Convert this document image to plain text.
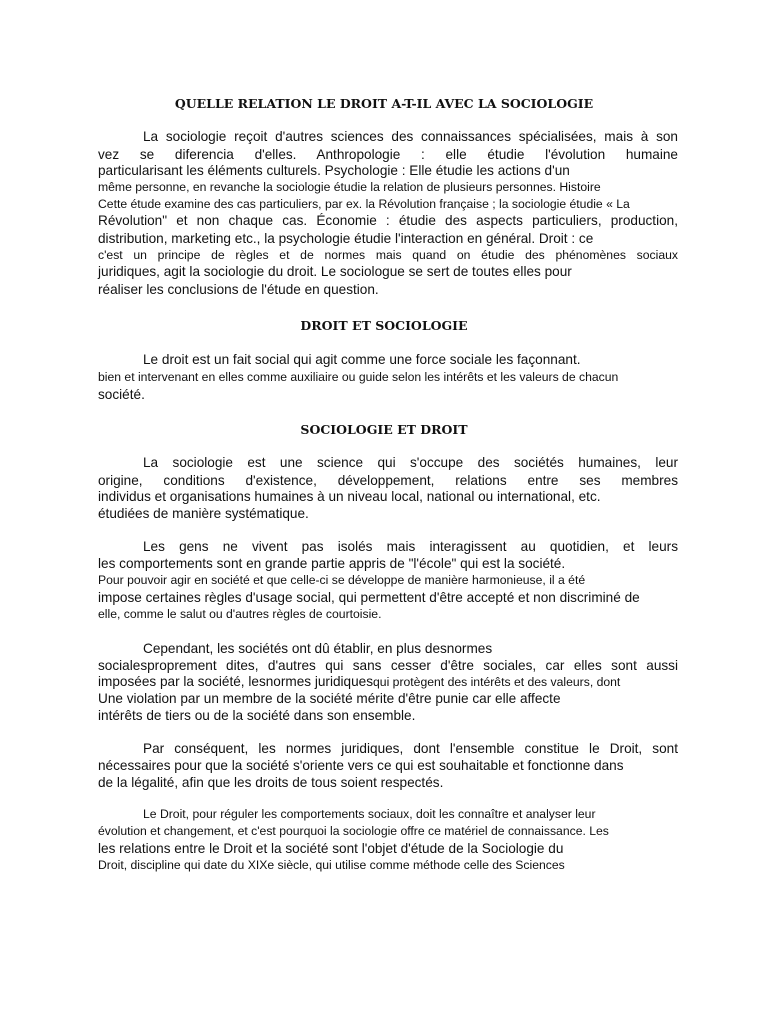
QUELLE RELATION LE DROIT A-T-IL AVEC LA SOCIOLOGIE

La sociologie reçoit d'autres sciences des connaissances spécialisées, mais à son

vez se diferencia d'elles. Anthropologie : elle étudie l'évolution humaine

particularisant les éléments culturels. Psychologie : Elle étudie les actions d'un

même personne, en revanche la sociologie étudie la relation de plusieurs personnes. Histoire

Cette étude examine des cas particuliers, par ex. la Révolution française ; la sociologie étudie « La

Révolution" et non chaque cas. Économie : étudie des aspects particuliers, production,

distribution, marketing etc., la psychologie étudie l'interaction en général. Droit : ce

c'est un principe de règles et de normes mais quand on étudie des phénomènes sociaux

juridiques, agit la sociologie du droit. Le sociologue se sert de toutes elles pour

réaliser les conclusions de l'étude en question.

DROIT ET SOCIOLOGIE

Le droit est un fait social qui agit comme une force sociale les façonnant.

bien et intervenant en elles comme auxiliaire ou guide selon les intérêts et les valeurs de chacun

société.

SOCIOLOGIE ET DROIT

La sociologie est une science qui s'occupe des sociétés humaines, leur

origine, conditions d'existence, développement, relations entre ses membres

individus et organisations humaines à un niveau local, national ou international, etc.

étudiées de manière systématique.

Les gens ne vivent pas isolés mais interagissent au quotidien, et leurs

les comportements sont en grande partie appris de "l'école" qui est la société.

Pour pouvoir agir en société et que celle-ci se développe de manière harmonieuse, il a été

impose certaines règles d'usage social, qui permettent d'être accepté et non discriminé de

elle, comme le salut ou d'autres règles de courtoisie.

Cependant, les sociétés ont dû établir, en plus desnormes

socialesproprement dites, d'autres qui sans cesser d'être sociales, car elles sont aussi

imposées par la société, lesnormes juridiquesqui protègent des intérêts et des valeurs, dont

Une violation par un membre de la société mérite d'être punie car elle affecte

intérêts de tiers ou de la société dans son ensemble.

Par conséquent, les normes juridiques, dont l'ensemble constitue le Droit, sont

nécessaires pour que la société s'oriente vers ce qui est souhaitable et fonctionne dans

de la légalité, afin que les droits de tous soient respectés.

Le Droit, pour réguler les comportements sociaux, doit les connaître et analyser leur

évolution et changement, et c'est pourquoi la sociologie offre ce matériel de connaissance. Les

les relations entre le Droit et la société sont l'objet d'étude de la Sociologie du

Droit, discipline qui date du XIXe siècle, qui utilise comme méthode celle des Sciences
